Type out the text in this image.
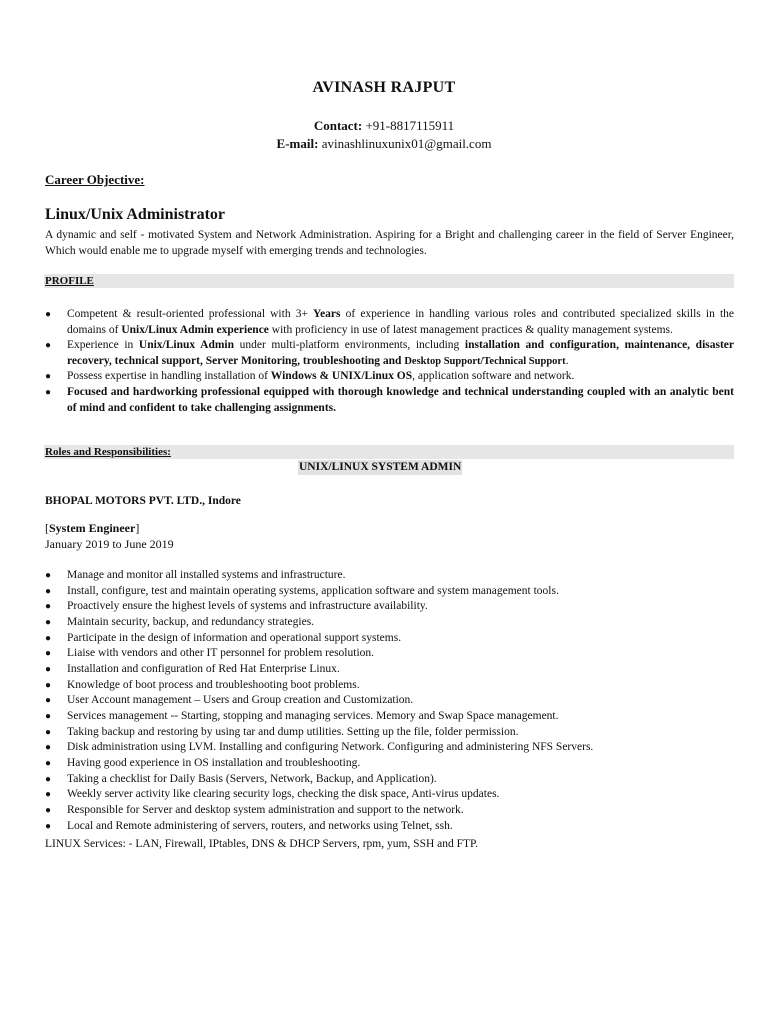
AVINASH RAJPUT
Contact: +91-8817115911
E-mail: avinashlinuxunix01@gmail.com
Career Objective:
Linux/Unix Administrator
A dynamic and self - motivated System and Network Administration. Aspiring for a Bright and challenging career in the field of Server Engineer, Which would enable me to upgrade myself with emerging trends and technologies.
PROFILE
● Competent & result-oriented professional with 3+ Years of experience in handling various roles and contributed specialized skills in the domains of Unix/Linux Admin experience with proficiency in use of latest management practices & quality management systems.
● Experience in Unix/Linux Admin under multi-platform environments, including installation and configuration, maintenance, disaster recovery, technical support, Server Monitoring, troubleshooting and Desktop Support/Technical Support.
● Possess expertise in handling installation of Windows & UNIX/Linux OS, application software and network.
● Focused and hardworking professional equipped with thorough knowledge and technical understanding coupled with an analytic bent of mind and confident to take challenging assignments.
Roles and Responsibilities:
UNIX/LINUX SYSTEM ADMIN
BHOPAL MOTORS PVT. LTD., Indore
[System Engineer]
January 2019 to June 2019
● Manage and monitor all installed systems and infrastructure.
● Install, configure, test and maintain operating systems, application software and system management tools.
● Proactively ensure the highest levels of systems and infrastructure availability.
● Maintain security, backup, and redundancy strategies.
● Participate in the design of information and operational support systems.
● Liaise with vendors and other IT personnel for problem resolution.
● Installation and configuration of Red Hat Enterprise Linux.
● Knowledge of boot process and troubleshooting boot problems.
● User Account management – Users and Group creation and Customization.
● Services management -- Starting, stopping and managing services. Memory and Swap Space management.
● Taking backup and restoring by using tar and dump utilities. Setting up the file, folder permission.
● Disk administration using LVM. Installing and configuring Network. Configuring and administering NFS Servers.
● Having good experience in OS installation and troubleshooting.
● Taking a checklist for Daily Basis (Servers, Network, Backup, and Application).
● Weekly server activity like clearing security logs, checking the disk space, Anti-virus updates.
● Responsible for Server and desktop system administration and support to the network.
● Local and Remote administering of servers, routers, and networks using Telnet, ssh.
LINUX Services: - LAN, Firewall, IPtables, DNS & DHCP Servers, rpm, yum, SSH and FTP.
